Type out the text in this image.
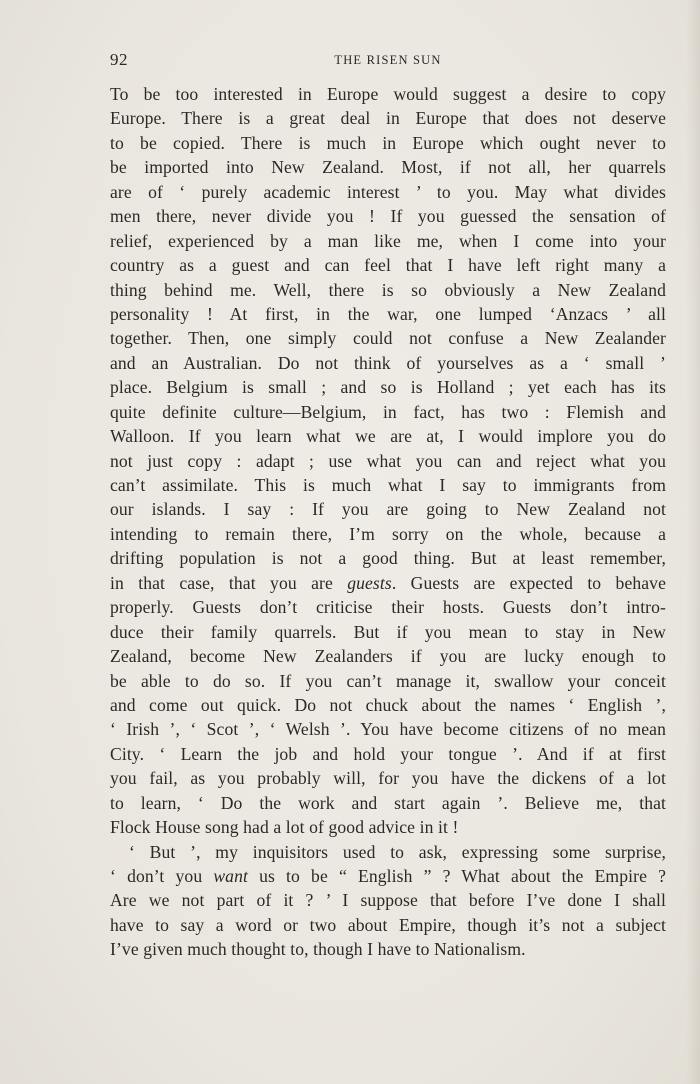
92	THE RISEN SUN

To be too interested in Europe would suggest a desire to copy
Europe. There is a great deal in Europe that does not deserve
to be copied. There is much in Europe which ought never to
be imported into New Zealand. Most, if not all, her quarrels
are of ‘ purely academic interest ’ to you. May what divides
men there, never divide you ! If you guessed the sensation of
relief, experienced by a man like me, when I come into your
country as a guest and can feel that I have left right many a
thing behind me. Well, there is so obviously a New Zealand
personality ! At first, in the war, one lumped ‘Anzacs ’ all
together. Then, one simply could not confuse a New Zealander
and an Australian. Do not think of yourselves as a ‘ small ’
place. Belgium is small ; and so is Holland ; yet each has its
quite definite culture—Belgium, in fact, has two : Flemish and
Walloon. If you learn what we are at, I would implore you do
not just copy : adapt ; use what you can and reject what you
can’t assimilate. This is much what I say to immigrants from
our islands. I say : If you are going to New Zealand not
intending to remain there, I’m sorry on the whole, because a
drifting population is not a good thing. But at least remember,
in that case, that you are guests. Guests are expected to behave
properly. Guests don’t criticise their hosts. Guests don’t intro-
duce their family quarrels. But if you mean to stay in New
Zealand, become New Zealanders if you are lucky enough to
be able to do so. If you can’t manage it, swallow your conceit
and come out quick. Do not chuck about the names ‘ English ’,
‘ Irish ’, ‘ Scot ’, ‘ Welsh ’. You have become citizens of no mean
City. ‘ Learn the job and hold your tongue ’. And if at first
you fail, as you probably will, for you have the dickens of a lot
to learn, ‘ Do the work and start again ’. Believe me, that
Flock House song had a lot of good advice in it !

‘ But ’, my inquisitors used to ask, expressing some surprise,
‘ don’t you want us to be “ English ” ? What about the Empire ?
Are we not part of it ? ’ I suppose that before I’ve done I shall
have to say a word or two about Empire, though it’s not a subject
I’ve given much thought to, though I have to Nationalism.
